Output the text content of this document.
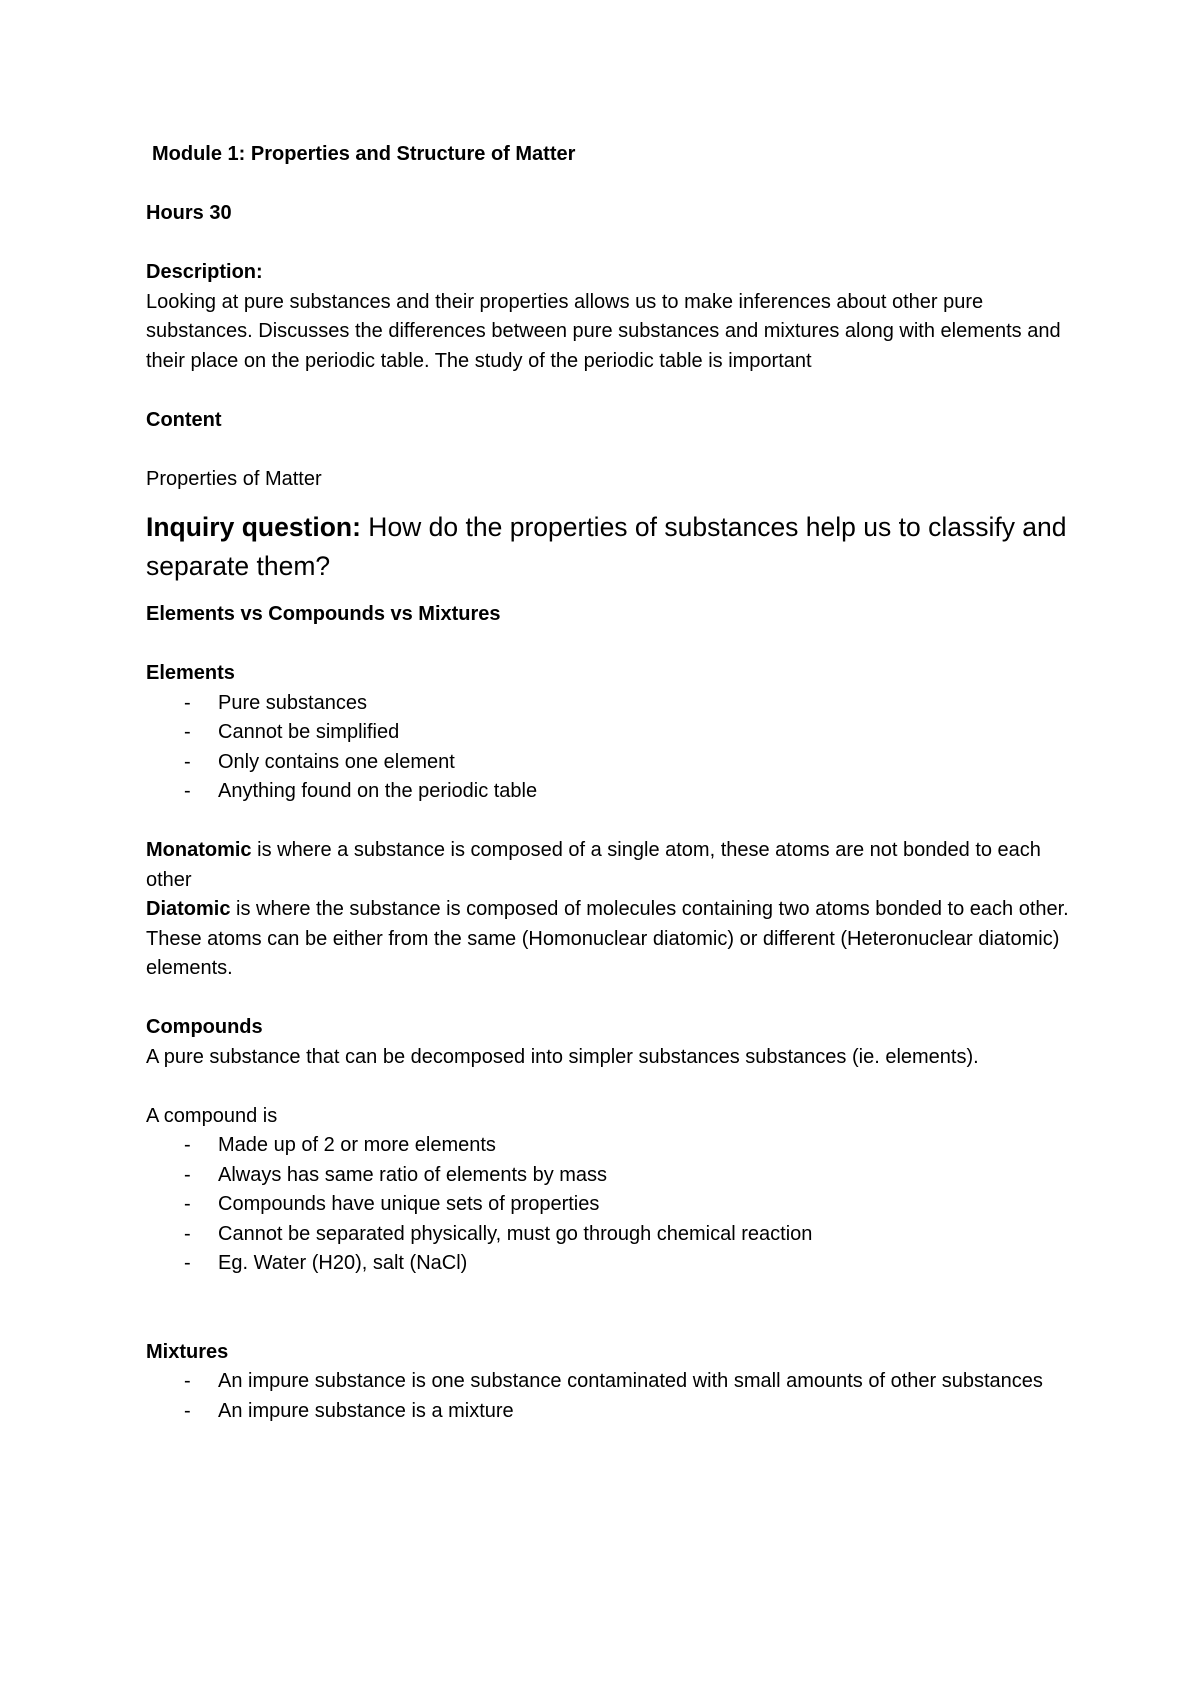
Module 1: Properties and Structure of Matter

Hours 30

Description:

Looking at pure substances and their properties allows us to make inferences about other pure substances. Discusses the differences between pure substances and mixtures along with elements and their place on the periodic table. The study of the periodic table is important

Content

Properties of Matter

Inquiry question: How do the properties of substances help us to classify and separate them?

Elements vs Compounds vs Mixtures

Elements

- Pure substances
- Cannot be simplified
- Only contains one element
- Anything found on the periodic table

Monatomic is where a substance is composed of a single atom, these atoms are not bonded to each other

Diatomic is where the substance is composed of molecules containing two atoms bonded to each other. These atoms can be either from the same (Homonuclear diatomic) or different (Heteronuclear diatomic) elements.

Compounds

A pure substance that can be decomposed into simpler substances substances (ie. elements).

A compound is

- Made up of 2 or more elements
- Always has same ratio of elements by mass
- Compounds have unique sets of properties
- Cannot be separated physically, must go through chemical reaction
- Eg. Water (H20), salt (NaCl)

Mixtures

- An impure substance is one substance contaminated with small amounts of other substances
- An impure substance is a mixture
